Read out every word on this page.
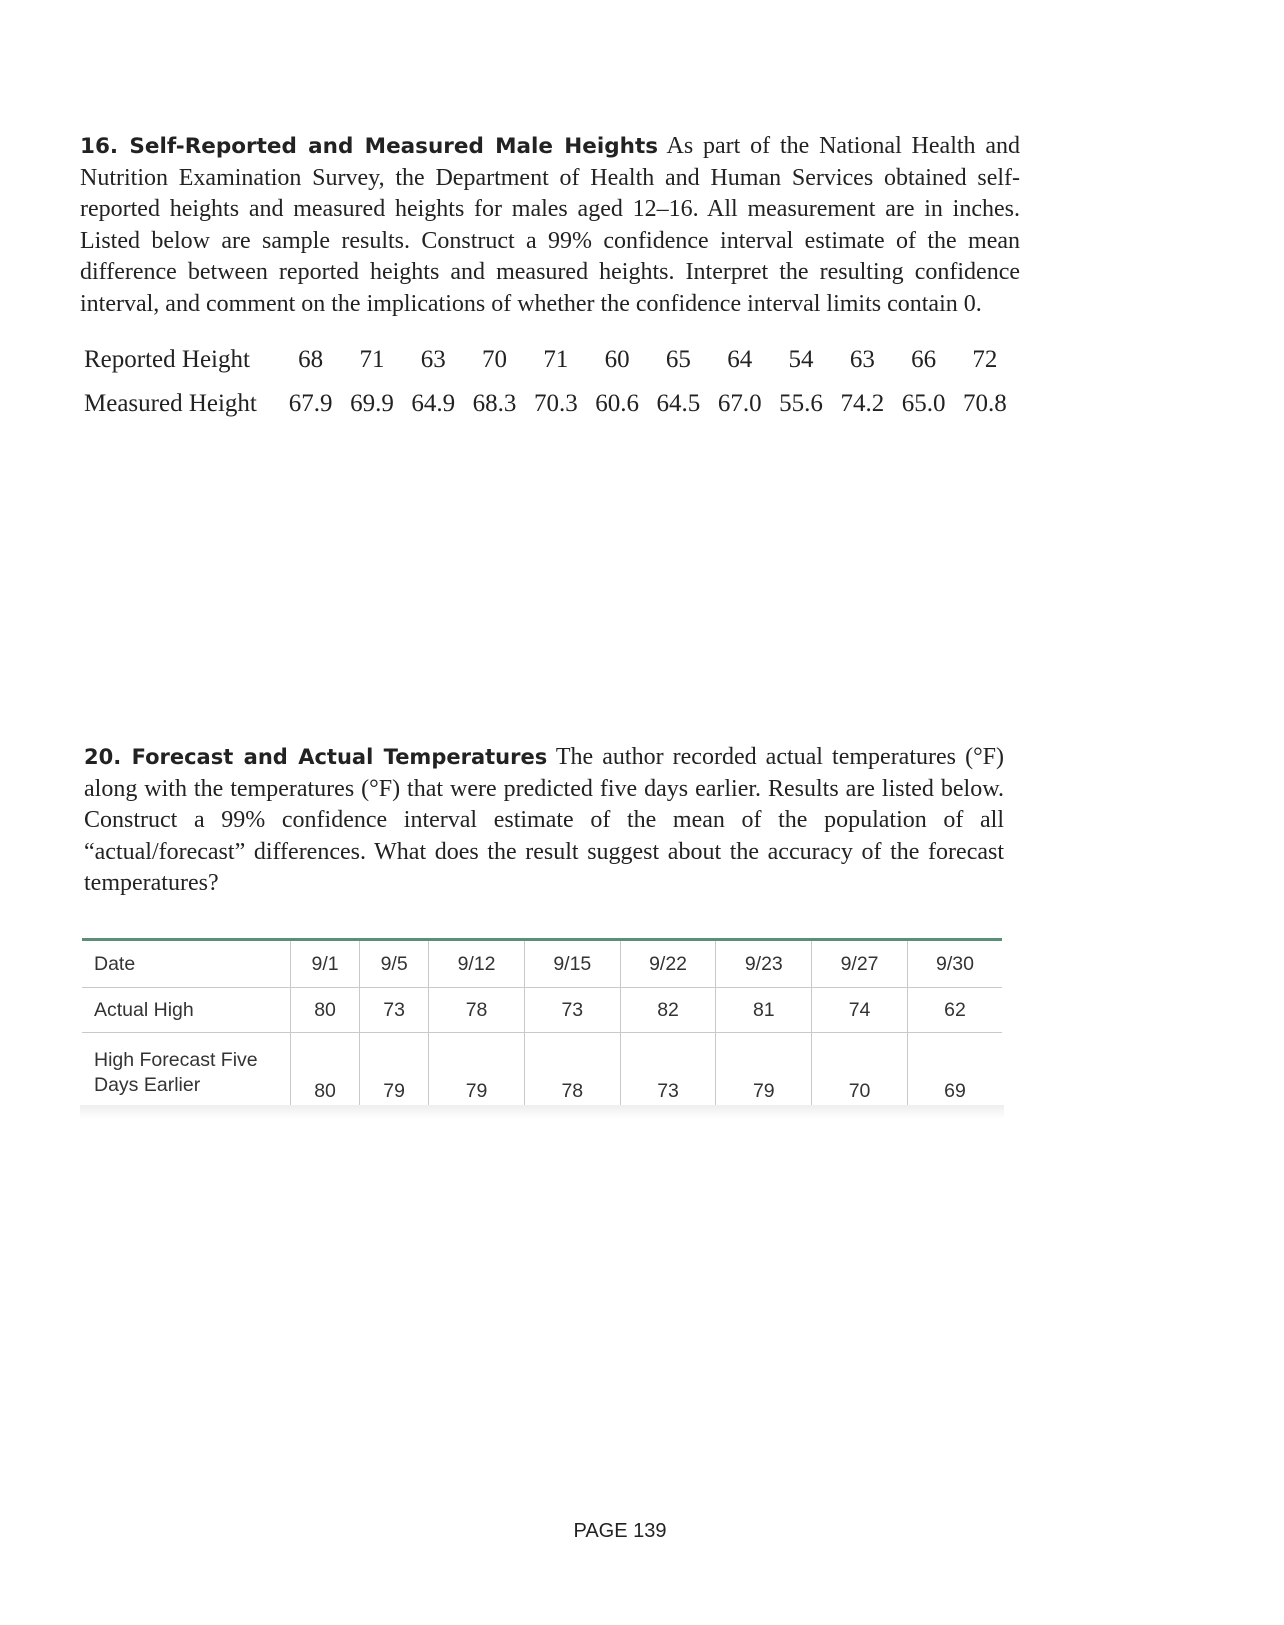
16. Self-Reported and Measured Male Heights As part of the National Health and Nutrition Examination Survey, the Department of Health and Human Services obtained self-reported heights and measured heights for males aged 12–16. All measurement are in inches. Listed below are sample results. Construct a 99% confidence interval estimate of the mean difference between reported heights and measured heights. Interpret the resulting confidence interval, and comment on the implications of whether the confidence interval limits contain 0.

Reported Height	68	71	63	70	71	60	65	64	54	63	66	72
Measured Height	67.9	69.9	64.9	68.3	70.3	60.6	64.5	67.0	55.6	74.2	65.0	70.8

20. Forecast and Actual Temperatures The author recorded actual temperatures (°F) along with the temperatures (°F) that were predicted five days earlier. Results are listed below. Construct a 99% confidence interval estimate of the mean of the population of all “actual/forecast” differences. What does the result suggest about the accuracy of the forecast temperatures?

Date	9/1	9/5	9/12	9/15	9/22	9/23	9/27	9/30
Actual High	80	73	78	73	82	81	74	62
High Forecast Five Days Earlier	80	79	79	78	73	79	70	69
PAGE 139
